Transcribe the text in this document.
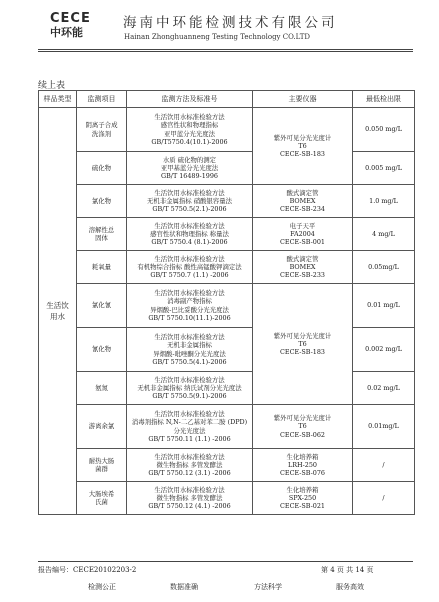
CECE
中环能
海南中环能检测技术有限公司
Hainan Zhonghuanneng Testing Technology CO.LTD
续上表
样品类型	监测项目	监测方法及标准号	主要仪器	最低检出限
生活饮
用水	阴离子合成
洗涤剂	生活饮用水标准检验方法
感官性状和物理指标
亚甲蓝分光光度法
GB/T5750.4(10.1)-2006	紫外可见分光光度计
T6
CECE-SB-183	0.050 mg/L
	硫化物	水质 硫化物的测定
亚甲基蓝分光光度法
GB/T 16489-1996		0.005 mg/L
	氯化物	生活饮用水标准检验方法
无机非金属指标 硝酸银容量法
GB/T 5750.5(2.1)-2006	酸式滴定管
BOMEX
CECE-SB-234	1.0 mg/L
	溶解性总
固体	生活饮用水标准检验方法
感官性状和物理指标 称量法
GB/T 5750.4 (8.1)-2006	电子天平
FA2004
CECE-SB-001	4 mg/L
	耗氧量	生活饮用水标准检验方法
有机物综合指标 酸性高锰酸钾滴定法
GB/T 5750.7 (1.1) -2006	酸式滴定管
BOMEX
CECE-SB-233	0.05mg/L
	氯化氰	生活饮用水标准检验方法
消毒副产物指标
异烟酸-巴比妥酸分光光度法
GB/T 5750.10(11.1)-2006	紫外可见分光光度计
T6
CECE-SB-183	0.01 mg/L
	氰化物	生活饮用水标准检验方法
无机非金属指标
异烟酸-吡唑酮分光光度法
GB/T 5750.5(4.1)-2006		0.002 mg/L
	氨氮	生活饮用水标准检验方法
无机非金属指标 纳氏试剂分光光度法
GB/T 5750.5(9.1)-2006		0.02 mg/L
	游离余氯	生活饮用水标准检验方法
消毒剂指标 N,N-二乙基对苯二胺 (DPD)
分光光度法
GB/T 5750.11 (1.1) -2006	紫外可见分光光度计
T6
CECE-SB-062	0.01mg/L
	耐热大肠
菌群	生活饮用水标准检验方法
微生物指标 多管发酵法
GB/T 5750.12 (3.1) -2006	生化培养箱
LRH-250
CECE-SB-076	/
	大肠埃希
氏菌	生活饮用水标准检验方法
微生物指标 多管发酵法
GB/T 5750.12 (4.1) -2006	生化培养箱
SPX-250
CECE-SB-021	/
报告编号：CECE20102203-2	第 4 页 共 14 页
检测公正	数据准确	方法科学	服务高效
